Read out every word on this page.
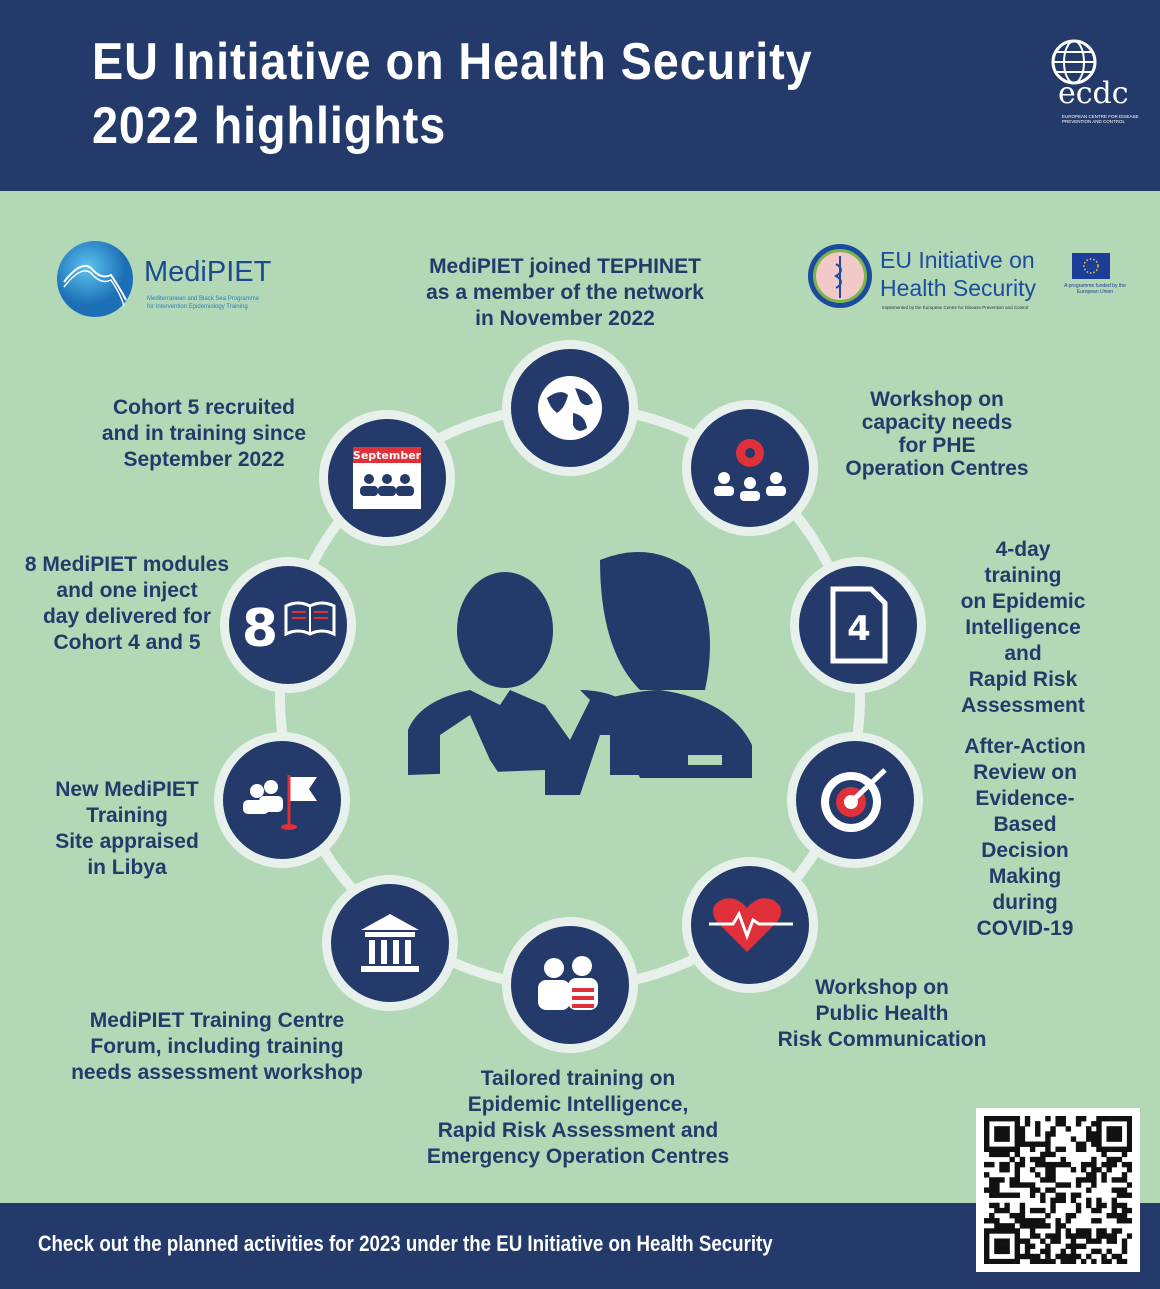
EU Initiative on Health Security
2022 highlights
ecdc
EUROPEAN CENTRE FOR DISEASE PREVENTION AND CONTROL
MediPIET
Mediterranean and Black Sea Programme for Intervention Epidemiology Training
EU Initiative on
Health Security
Implemented by the European Centre for Disease Prevention and Control
A programme funded by the European Union
4
8
September
MediPIET joined TEPHINET
as a member of the network
in November 2022
Workshop on
capacity needs
for PHE
Operation Centres
4-day training
on Epidemic
Intelligence and
Rapid Risk
Assessment
After-Action
Review on
Evidence-Based
Decision Making
during COVID-19
Workshop on
Public Health
Risk Communication
Tailored training on
Epidemic Intelligence,
Rapid Risk Assessment and
Emergency Operation Centres
MediPIET Training Centre
Forum, including training
needs assessment workshop
New MediPIET
Training
Site appraised
in Libya
8 MediPIET modules
and one inject
day delivered for
Cohort 4 and 5
Cohort 5 recruited
and in training since
September 2022
Check out the planned activities for 2023 under the EU Initiative on Health Security
